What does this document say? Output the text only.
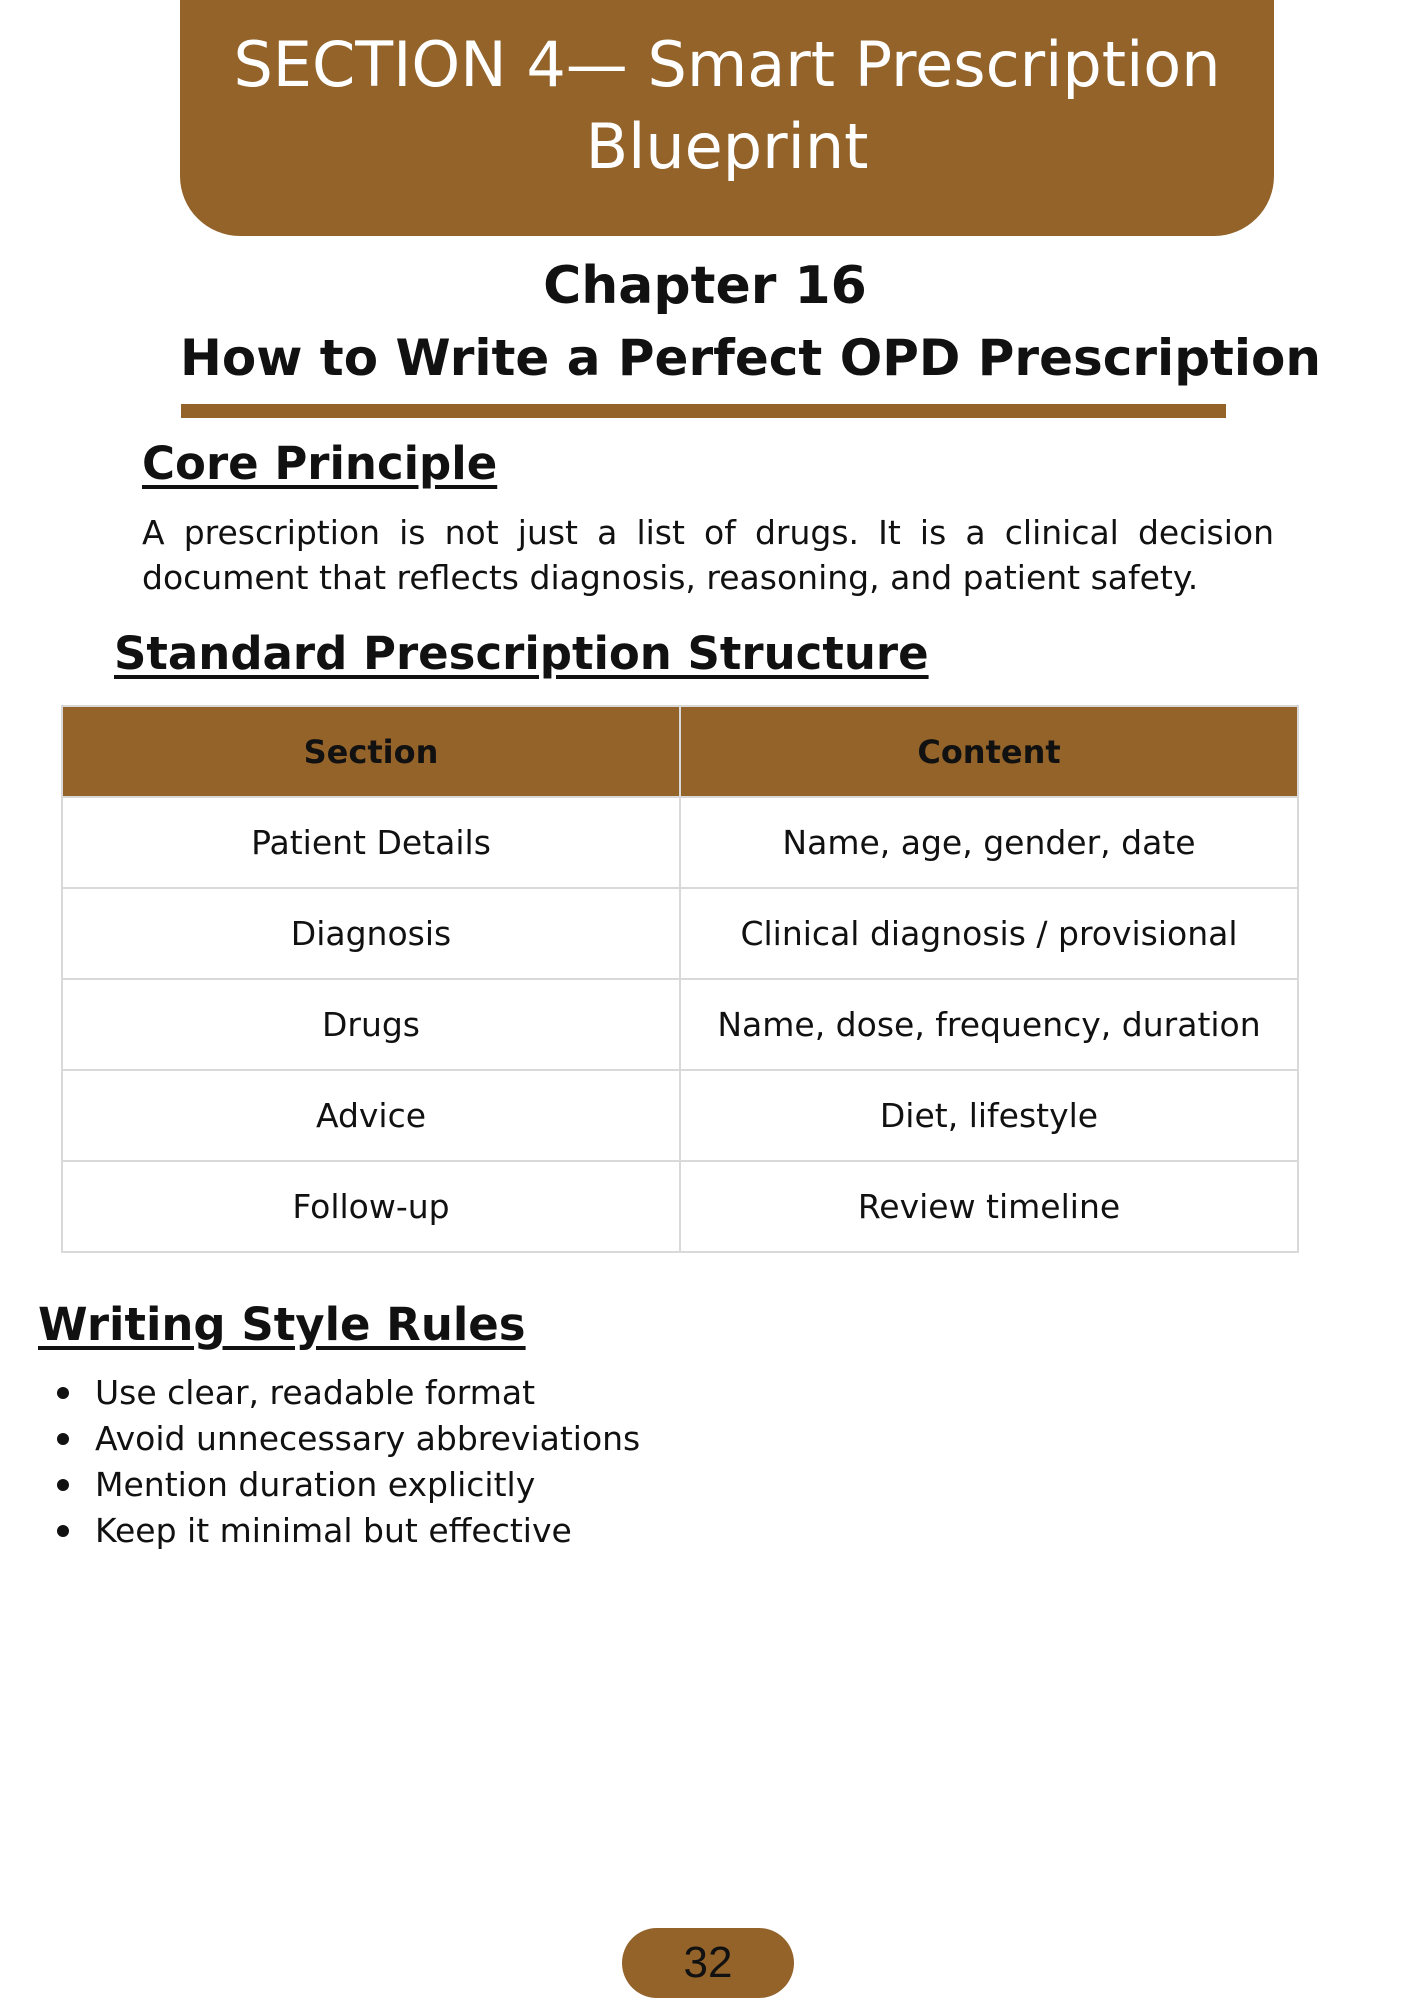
SECTION 4— Smart Prescription
Blueprint
Chapter 16
How to Write a Perfect OPD Prescription
Core Principle
A prescription is not just a list of drugs. It is a clinical decision document that reflects diagnosis, reasoning, and patient safety.
Standard Prescription Structure
Section	Content
Patient Details	Name, age, gender, date
Diagnosis	Clinical diagnosis / provisional
Drugs	Name, dose, frequency, duration
Advice	Diet, lifestyle
Follow-up	Review timeline
Writing Style Rules
Use clear, readable format
Avoid unnecessary abbreviations
Mention duration explicitly
Keep it minimal but effective
32
